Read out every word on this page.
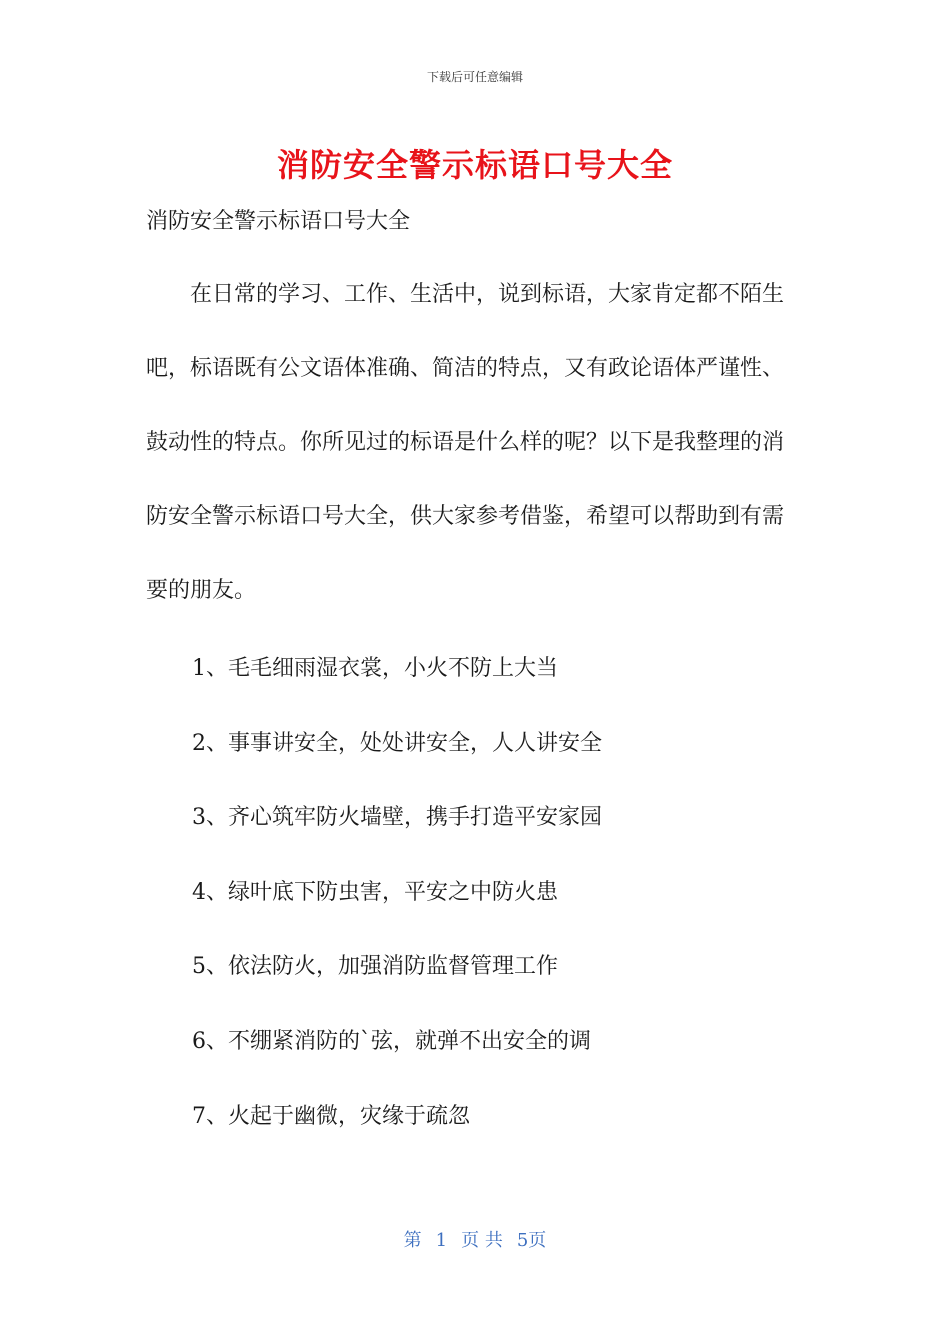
下载后可任意编辑
消防安全警示标语口号大全
消防安全警示标语口号大全

在日常的学习、工作、生活中，说到标语，大家肯定都不陌生吧，标语既有公文语体准确、简洁的特点，又有政论语体严谨性、鼓动性的特点。你所见过的标语是什么样的呢？以下是我整理的消防安全警示标语口号大全，供大家参考借鉴，希望可以帮助到有需要的朋友。

1、毛毛细雨湿衣裳，小火不防上大当
2、事事讲安全，处处讲安全，人人讲安全
3、齐心筑牢防火墙壁，携手打造平安家园
4、绿叶底下防虫害，平安之中防火患
5、依法防火，加强消防监督管理工作
6、不绷紧消防的`弦，就弹不出安全的调
7、火起于幽微，灾缘于疏忽
第 1 页 共 5页
